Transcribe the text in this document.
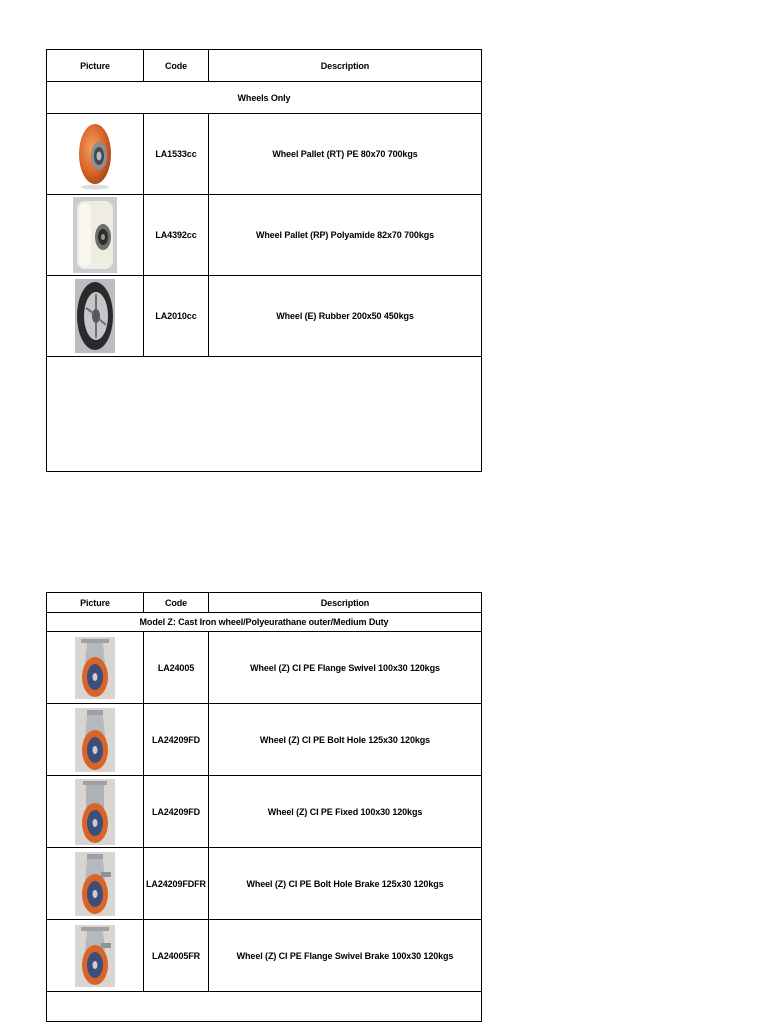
Picture	Code	Description
Wheels Only		

	LA1533cc	Wheel Pallet (RT) PE 80x70 700kgs

	LA4392cc	Wheel Pallet (RP) Polyamide 82x70 700kgs

	LA2010cc	Wheel (E) Rubber 200x50 450kgs

Picture	Code	Description
Model Z: Cast Iron wheel/Polyeurathane outer/Medium Duty		

	LA24005	Wheel (Z) CI PE Flange Swivel 100x30 120kgs

	LA24209FD	Wheel (Z) CI PE Bolt Hole 125x30 120kgs

	LA24209FD	Wheel (Z) CI PE Fixed 100x30 120kgs

	LA24209FDFR	Wheel (Z) CI PE Bolt Hole Brake 125x30 120kgs

	LA24005FR	Wheel (Z) CI PE Flange Swivel Brake 100x30 120kgs
